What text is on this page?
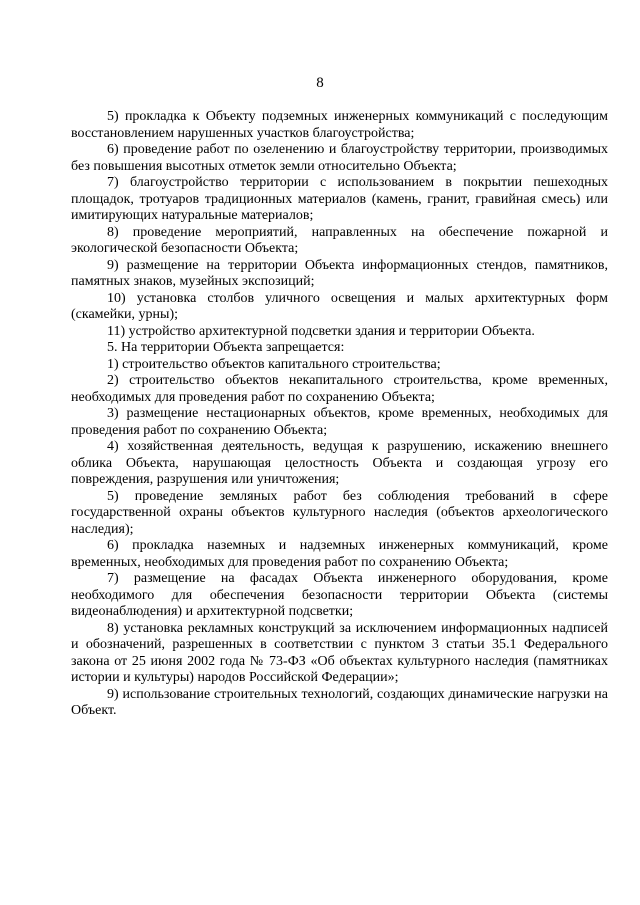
8

5) прокладка к Объекту подземных инженерных коммуникаций с последующим восстановлением нарушенных участков благоустройства;

6) проведение работ по озеленению и благоустройству территории, производимых без повышения высотных отметок земли относительно Объекта;

7) благоустройство территории с использованием в покрытии пешеходных площадок, тротуаров традиционных материалов (камень, гранит, гравийная смесь) или имитирующих натуральные материалов;

8) проведение мероприятий, направленных на обеспечение пожарной и экологической безопасности Объекта;

9) размещение на территории Объекта информационных стендов, памятников, памятных знаков, музейных экспозиций;

10) установка столбов уличного освещения и малых архитектурных форм (скамейки, урны);

11) устройство архитектурной подсветки здания и территории Объекта.

5. На территории Объекта запрещается:

1) строительство объектов капитального строительства;

2) строительство объектов некапитального строительства, кроме временных, необходимых для проведения работ по сохранению Объекта;

3) размещение нестационарных объектов, кроме временных, необходимых для проведения работ по сохранению Объекта;

4) хозяйственная деятельность, ведущая к разрушению, искажению внешнего облика Объекта, нарушающая целостность Объекта и создающая угрозу его повреждения, разрушения или уничтожения;

5) проведение земляных работ без соблюдения требований в сфере государственной охраны объектов культурного наследия (объектов археологического наследия);

6) прокладка наземных и надземных инженерных коммуникаций, кроме временных, необходимых для проведения работ по сохранению Объекта;

7) размещение на фасадах Объекта инженерного оборудования, кроме необходимого для обеспечения безопасности территории Объекта (системы видеонаблюдения) и архитектурной подсветки;

8) установка рекламных конструкций за исключением информационных надписей и обозначений, разрешенных в соответствии с пунктом 3 статьи 35.1 Федерального закона от 25 июня 2002 года № 73-ФЗ «Об объектах культурного наследия (памятниках истории и культуры) народов Российской Федерации»;

9) использование строительных технологий, создающих динамические нагрузки на Объект.
